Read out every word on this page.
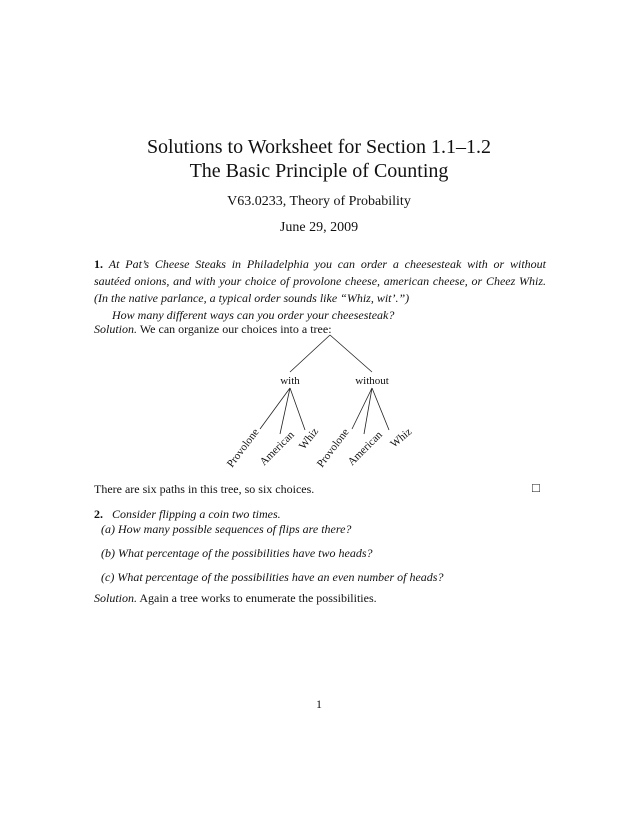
Solutions to Worksheet for Section 1.1–1.2
The Basic Principle of Counting
V63.0233, Theory of Probability
June 29, 2009
1. At Pat’s Cheese Steaks in Philadelphia you can order a cheesesteak with or without sautéed onions, and with your choice of provolone cheese, american cheese, or Cheez Whiz. (In the native parlance, a typical order sounds like “Whiz, wit’.”)
How many different ways can you order your cheesesteak?
Solution. We can organize our choices into a tree:
with	without
Provolone
American Whiz
Provolone
American Whiz
There are six paths in this tree, so six choices.	□
2. Consider flipping a coin two times.
(a) How many possible sequences of flips are there?
(b) What percentage of the possibilities have two heads?
(c) What percentage of the possibilities have an even number of heads?
Solution. Again a tree works to enumerate the possibilities.
1
